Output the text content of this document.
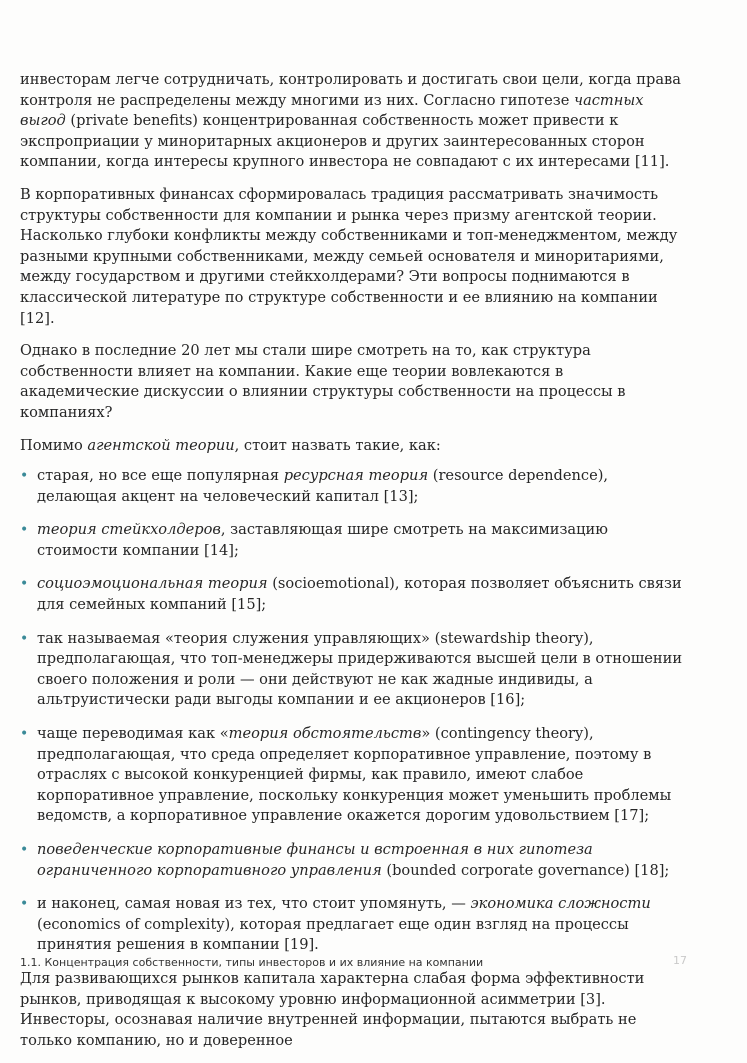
инвесторам легче сотрудничать, контролировать и достигать свои цели, когда права контроля не распределены между многими из них. Согласно гипотезе частных выгод (private benefits) концентрированная собственность может привести к экспроприации у миноритарных акционеров и других заинтересованных сторон компании, когда интересы крупного инвестора не совпадают с их интересами [11].

В корпоративных финансах сформировалась традиция рассматривать значимость структуры собственности для компании и рынка через призму агентской теории. Насколько глубоки конфликты между собственниками и топ-менеджментом, между разными крупными собственниками, между семьей основателя и миноритариями, между государством и другими стейкхолдерами? Эти вопросы поднимаются в классической литературе по структуре собственности и ее влиянию на компании [12].

Однако в последние 20 лет мы стали шире смотреть на то, как структура собственности влияет на компании. Какие еще теории вовлекаются в академические дискуссии о влиянии структуры собственности на процессы в компаниях?

Помимо агентской теории, стоит назвать такие, как:

• старая, но все еще популярная ресурсная теория (resource dependence), делающая акцент на человеческий капитал [13];
• теория стейкхолдеров, заставляющая шире смотреть на максимизацию стоимости компании [14];
• социоэмоциональная теория (socioemotional), которая позволяет объяснить связи для семейных компаний [15];
• так называемая «теория служения управляющих» (stewardship theory), предполагающая, что топ-менеджеры придерживаются высшей цели в отношении своего положения и роли — они действуют не как жадные индивиды, а альтруистически ради выгоды компании и ее акционеров [16];
• чаще переводимая как «теория обстоятельств» (contingency theory), предполагающая, что среда определяет корпоративное управление, поэтому в отраслях с высокой конкуренцией фирмы, как правило, имеют слабое корпоративное управление, поскольку конкуренция может уменьшить проблемы ведомств, а корпоративное управление окажется дорогим удовольствием [17];
• поведенческие корпоративные финансы и встроенная в них гипотеза ограниченного корпоративного управления (bounded corporate governance) [18];
• и наконец, самая новая из тех, что стоит упомянуть, — экономика сложности (economics of complexity), которая предлагает еще один взгляд на процессы принятия решения в компании [19].

Для развивающихся рынков капитала характерна слабая форма эффективности рынков, приводящая к высокому уровню информационной асимметрии [3]. Инвесторы, осознавая наличие внутренней информации, пытаются выбрать не только компанию, но и доверенное

1.1. Концентрация собственности, типы инвесторов и их влияние на компании	17
